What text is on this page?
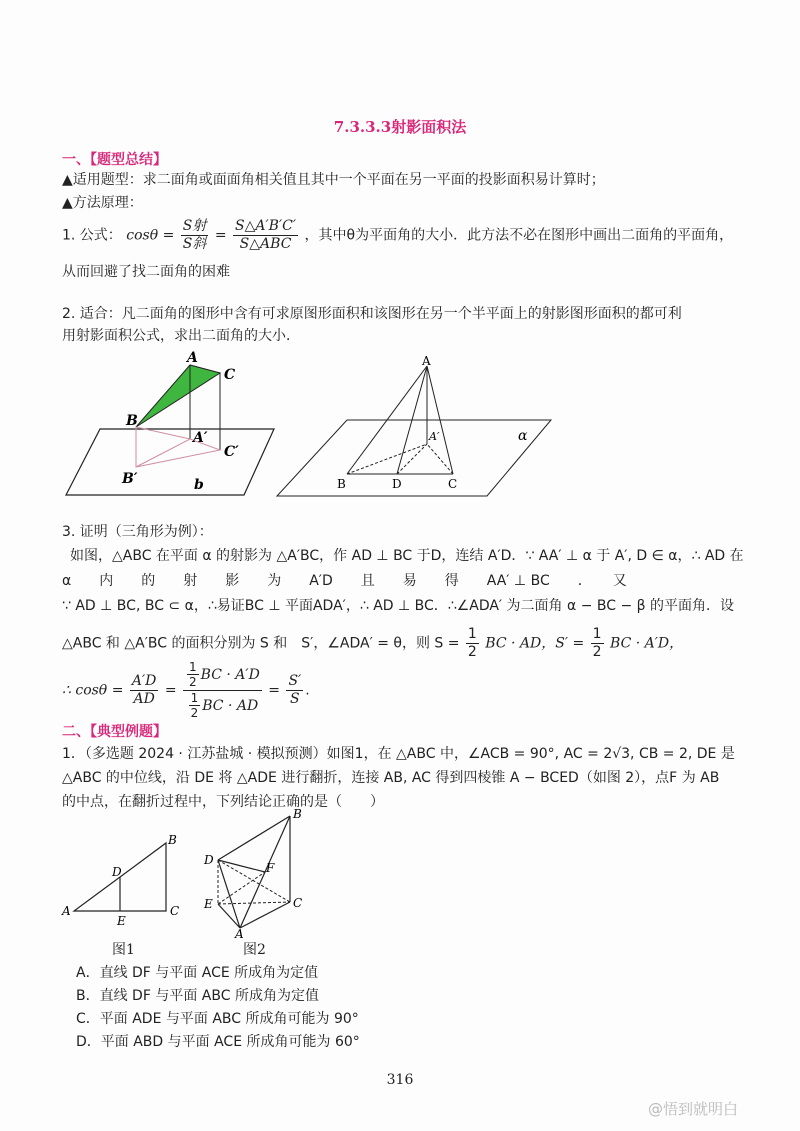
7.3.3.3射影面积法
一、【题型总结】
▲适用题型：求二面角或面面角相关值且其中一个平面在另一平面的投影面积易计算时；
▲方法原理：
1. 公式： $\cos\theta = \frac{\text{S射}}{\text{S斜}} = \frac{S\triangle A'B'C'}{\text{S△ABC}}$ ，其中θ为平面角的大小．此方法不必在图形中画出二面角的平面角，
从而回避了找二面角的困难
2. 适合：凡二面角的图形中含有可求原图形面积和该图形在另一个半平面上的射影图形面积的都可利
用射影面积公式，求出二面角的大小．
A
C
B
A′
C′
B′	b
A
A′
B	D	C
α
3. 证明（三角形为例）：
如图，△ABC 在平面 α 的射影为 △A′BC，作 AD ⊥ BC 于D，连结 A′D．∵ AA′ ⊥ α 于 A′, D ∈ α，∴ AD 在
α　　内　　的　　射　　影　　为　　A′D　　且　　易　　得　　AA′ ⊥ BC　　．　　又
∵ AD ⊥ BC, BC ⊂ α，∴易证BC ⊥ 平面ADA′，∴ AD ⊥ BC．∴∠ADA′ 为二面角 α − BC − β 的平面角．设
△ABC 和 △A′BC 的面积分别为 S 和　S′，∠ADA′ = θ，则 $S = \frac{1}{2}$ BC · AD，$S' = \frac{1}{2}$ BC · A′D，
∴ $\cos\theta = \frac{A'D}{AD} = \frac{\frac{1}{2} BC \cdot A'D}{\frac{1}{2} BC \cdot AD} = \frac{S'}{S}$ .
二、【典型例题】
1．（多选题 2024 · 江苏盐城 · 模拟预测）如图1，在 △ABC 中，∠ACB = 90°, AC = 2√3, CB = 2, DE 是
△ABC 的中位线，沿 DE 将 △ADE 进行翻折，连接 AB, AC 得到四棱锥 A − BCED（如图 2），点F 为 AB
的中点，在翻折过程中，下列结论正确的是（　　）
A
B
C
D
E
图1
B
D
F
E	C
A
图2
A．直线 DF 与平面 ACE 所成角为定值
B．直线 DF 与平面 ABC 所成角为定值
C．平面 ADE 与平面 ABC 所成角可能为 90°
D．平面 ABD 与平面 ACE 所成角可能为 60°
316
@悟到就明白
